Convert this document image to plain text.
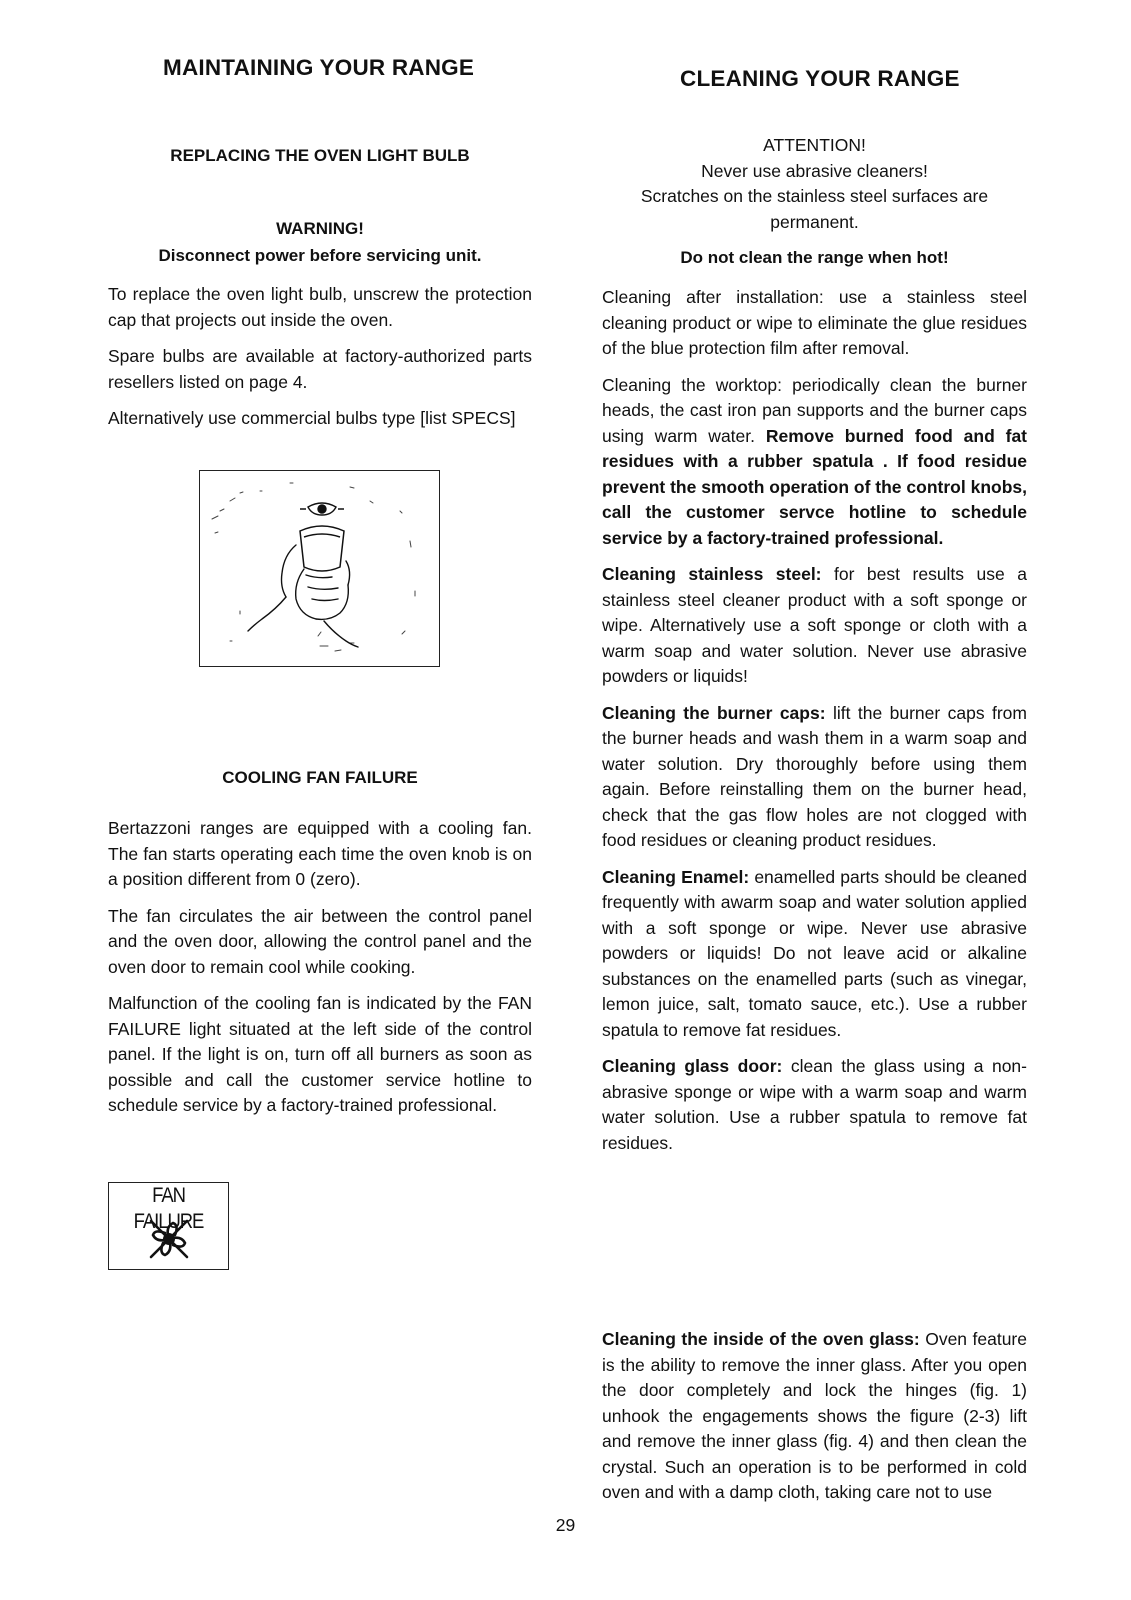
MAINTAINING YOUR RANGE

REPLACING THE OVEN LIGHT BULB

WARNING!

Disconnect power before servicing unit.

To replace the oven light bulb, unscrew the protection cap that projects out inside the oven.

Spare bulbs are available at factory-authorized parts resellers listed on page 4.

Alternatively use commercial bulbs type [list SPECS]

COOLING FAN FAILURE

Bertazzoni ranges are equipped with a cooling fan. The fan starts operating each time the oven knob is on a position different from 0 (zero).

The fan circulates the air between the control panel and the oven door, allowing the control panel and the oven door to remain cool while cooking.

Malfunction of the cooling fan is indicated by the FAN FAILURE light situated at the left side of the control panel. If the light is on, turn off all burners as soon as possible and call the customer service hotline to schedule service by a factory-trained professional.

FAN FAILURE
CLEANING YOUR RANGE

ATTENTION!

Never use abrasive cleaners!

Scratches on the stainless steel surfaces are

permanent.

Do not clean the range when hot!

Cleaning after installation: use a stainless steel cleaning product or wipe to eliminate the glue residues of the blue protection film after removal.

Cleaning the worktop: periodically clean the burner heads, the cast iron pan supports and the burner caps using warm water. Remove burned food and fat residues with a rubber spatula . If food residue prevent the smooth operation of the control knobs, call the customer servce hotline to schedule service by a factory-trained professional.

Cleaning stainless steel: for best results use a stainless steel cleaner product with a soft sponge or wipe. Alternatively use a soft sponge or cloth with a warm soap and water solution. Never use abrasive powders or liquids!

Cleaning the burner caps: lift the burner caps from the burner heads and wash them in a warm soap and water solution. Dry thoroughly before using them again. Before reinstalling them on the burner head, check that the gas flow holes are not clogged with food residues or cleaning product residues.

Cleaning Enamel: enamelled parts should be cleaned frequently with awarm soap and water solution applied with a soft sponge or wipe. Never use abrasive powders or liquids! Do not leave acid or alkaline substances on the enamelled parts (such as vinegar, lemon juice, salt, tomato sauce, etc.). Use a rubber spatula to remove fat residues.

Cleaning glass door: clean the glass using a non-abrasive sponge or wipe with a warm soap and warm water solution. Use a rubber spatula to remove fat residues.

Cleaning the inside of the oven glass: Oven feature is the ability to remove the inner glass. After you open the door completely and lock the hinges (fig. 1) unhook the engagements shows the figure (2-3) lift and remove the inner glass (fig. 4) and then clean the crystal. Such an operation is to be performed in cold oven and with a damp cloth, taking care not to use

29
